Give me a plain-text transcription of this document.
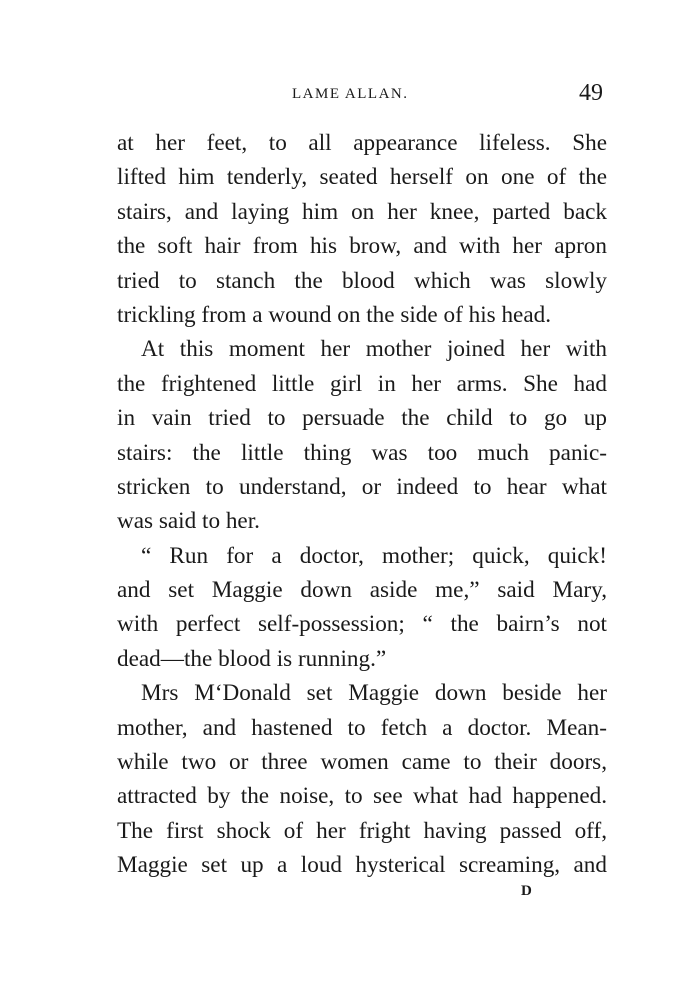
LAME ALLAN.	49
at her feet, to all appearance lifeless. She
lifted him tenderly, seated herself on one of the
stairs, and laying him on her knee, parted back
the soft hair from his brow, and with her apron
tried to stanch the blood which was slowly
trickling from a wound on the side of his head.
At this moment her mother joined her with
the frightened little girl in her arms. She had
in vain tried to persuade the child to go up
stairs: the little thing was too much panic-
stricken to understand, or indeed to hear what
was said to her.
“ Run for a doctor, mother; quick, quick!
and set Maggie down aside me,” said Mary,
with perfect self-possession; “ the bairn’s not
dead—the blood is running.”
Mrs M‘Donald set Maggie down beside her
mother, and hastened to fetch a doctor. Mean-
while two or three women came to their doors,
attracted by the noise, to see what had happened.
The first shock of her fright having passed off,
Maggie set up a loud hysterical screaming, and
D
